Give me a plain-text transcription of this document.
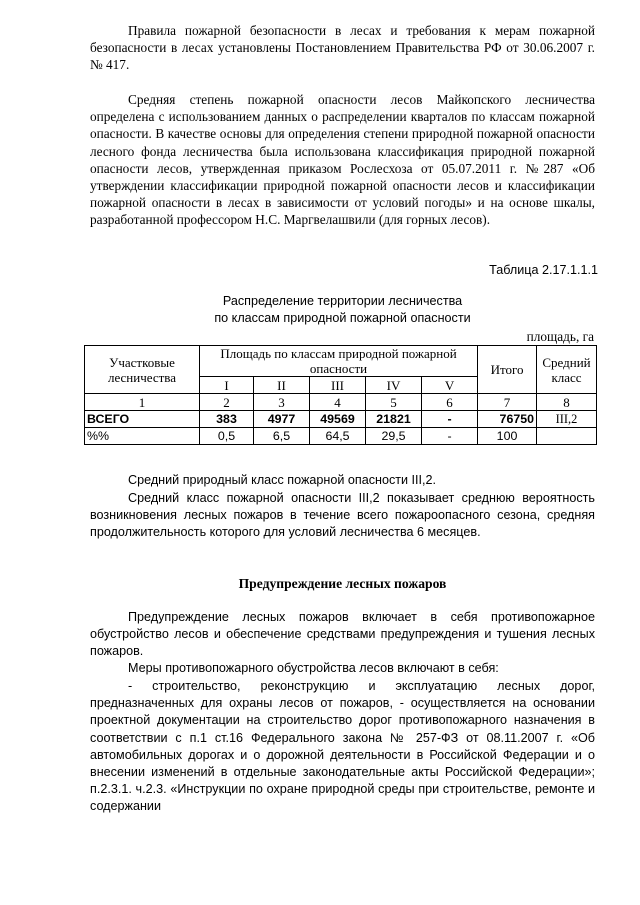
Правила пожарной безопасности в лесах и требования к мерам пожарной безопасности в лесах установлены Постановлением Правительства РФ от 30.06.2007 г. № 417.

Средняя степень пожарной опасности лесов Майкопского лесничества определена с использованием данных о распределении кварталов по классам пожарной опасности. В качестве основы для определения степени природной пожарной опасности лесного фонда лесничества была использована классификация природной пожарной опасности лесов, утвержденная приказом Рослесхоза от 05.07.2011 г. №287 «Об утверждении классификации природной пожарной опасности лесов и классификации пожарной опасности в лесах в зависимости от условий погоды» и на основе шкалы, разработанной профессором Н.С. Маргвелашвили (для горных лесов).

Таблица 2.17.1.1.1

Распределение территории лесничества

по классам природной пожарной опасности

площадь, га

Участковые лесничества	Площадь по классам природной пожарной опасности					Итого	Средний класс
	I	II	III	IV	V		
1	2	3	4	5	6	7	8
ВСЕГО	383	4977	49569	21821	-	76750	III,2
%%	0,5	6,5	64,5	29,5	-	100	

Средний природный класс пожарной опасности III,2.

Средний класс пожарной опасности III,2 показывает среднюю вероятность возникновения лесных пожаров в течение всего пожароопасного сезона, средняя продолжительность которого для условий лесничества 6 месяцев.

Предупреждение лесных пожаров

Предупреждение лесных пожаров включает в себя противопожарное обустройство лесов и обеспечение средствами предупреждения и тушения лесных пожаров.

Меры противопожарного обустройства лесов включают в себя:

- строительство, реконструкцию и эксплуатацию лесных дорог, предназначенных для охраны лесов от пожаров, - осуществляется на основании проектной документации на строительство дорог противопожарного назначения в соответствии с п.1 ст.16 Федерального закона № 257-ФЗ от 08.11.2007 г. «Об автомобильных дорогах и о дорожной деятельности в Российской Федерации и о внесении изменений в отдельные законодательные акты Российской Федерации»; п.2.3.1. ч.2.3. «Инструкции по охране природной среды при строительстве, ремонте и содержании
